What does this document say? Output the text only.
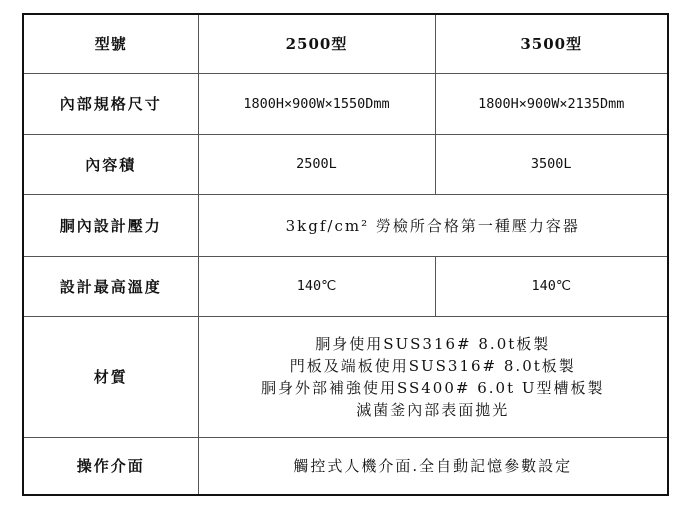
型號	2500型	3500型
內部規格尺寸	1800H×900W×1550Dmm	1800H×900W×2135Dmm
內容積	2500L	3500L
胴內設計壓力	3kgf/cm² 勞檢所合格第一種壓力容器	
設計最高溫度	140℃	140℃
材質	胴身使用SUS316# 8.0t板製
門板及端板使用SUS316# 8.0t板製
胴身外部補強使用SS400# 6.0t U型槽板製
滅菌釜內部表面拋光	

操作介面	觸控式人機介面.全自動記憶參數設定	
